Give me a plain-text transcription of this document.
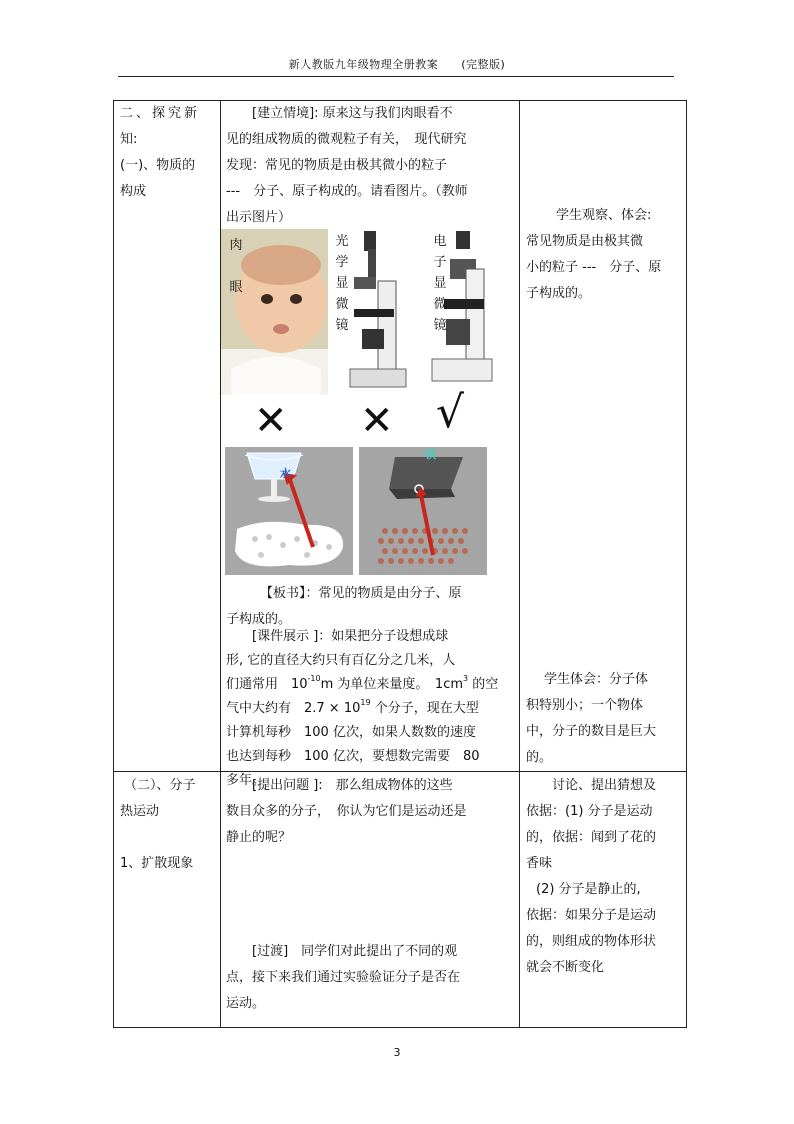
新人教版九年级物理全册教案　　(完整版)
二、探究新
知:
(一)、物质的
构成
[建立情境]: 原来这与我们肉眼看不
见的组成物质的微观粒子有关，　现代研究
发现：常见的物质是由极其微小的粒子
---　分子、原子构成的。请看图片。（教师
出示图片）
肉
眼
光
学
显
微
镜
电
子
显
微
镜
✕ ✕ √
水
铁
【板书】：常见的物质是由分子、原
子构成的。
[课件展示 ]：如果把分子设想成球
形, 它的直径大约只有百亿分之几米，人
们通常用　$10^{-10}m$ 为单位来量度。　$1cm^3$ 的空
气中大约有　$2.7 \times 10^{19}$ 个分子，现在大型
计算机每秒　100 亿次，如果人数数的速度
也达到每秒　100 亿次，要想数完需要　80
多年。
学生观察、体会:
常见物质是由极其微
小的粒子 ---　分子、原
子构成的。
学生体会：分子体
积特别小；一个物体
中，分子的数目是巨大
的。
（二）、分子
热运动
1、扩散现象
[提出问题 ]:　那么组成物体的这些
数目众多的分子，　你认为它们是运动还是
静止的呢？
[过渡]　同学们对此提出了不同的观
点，接下来我们通过实验验证分子是否在
运动。
讨论、提出猜想及
依据：(1) 分子是运动
的，依据：闻到了花的
香味
(2) 分子是静止的,
依据：如果分子是运动
的，则组成的物体形状
就会不断变化
3
